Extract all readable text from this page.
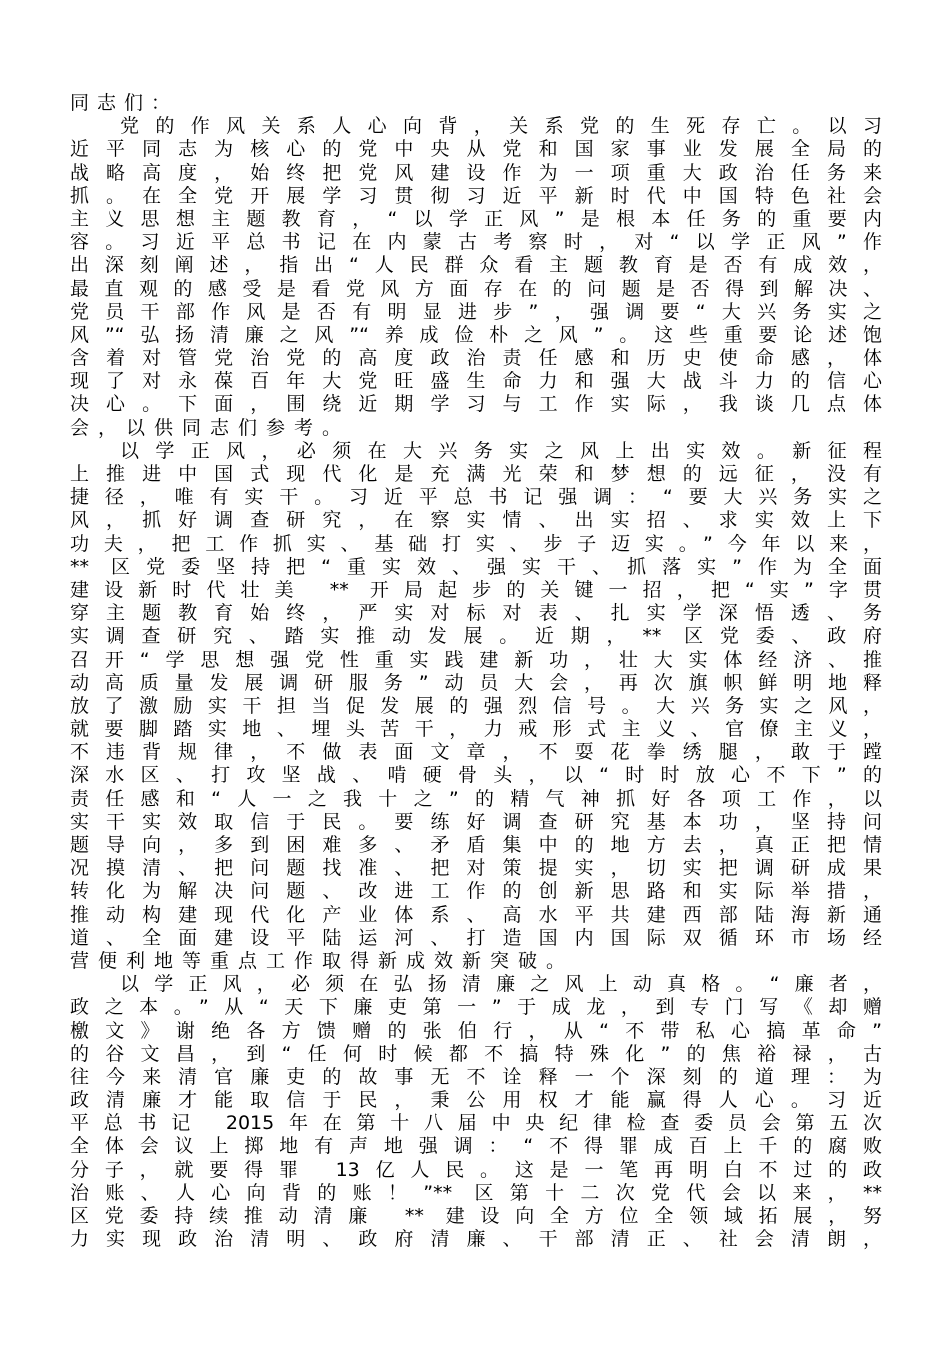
同志们：
党的作风关系人心向背，关系党的生死存亡。以习
近平同志为核心的党中央从党和国家事业发展全局的
战略高度，始终把党风建设作为一项重大政治任务来
抓。在全党开展学习贯彻习近平新时代中国特色社会
主义思想主题教育，“以学正风”是根本任务的重要内
容。习近平总书记在内蒙古考察时，对“以学正风”作
出深刻阐述，指出“人民群众看主题教育是否有成效，
最直观的感受是看党风方面存在的问题是否得到解决、
党员干部作风是否有明显进步”，强调要“大兴务实之
风”“弘扬清廉之风”“养成俭朴之风”。这些重要论述饱
含着对管党治党的高度政治责任感和历史使命感，体
现了对永葆百年大党旺盛生命力和强大战斗力的信心
决心。下面，围绕近期学习与工作实际，我谈几点体
会，以供同志们参考。
以学正风，必须在大兴务实之风上出实效。新征程
上推进中国式现代化是充满光荣和梦想的远征，没有
捷径，唯有实干。习近平总书记强调：“要大兴务实之
风，抓好调查研究，在察实情、出实招、求实效上下
功夫，把工作抓实、基础打实、步子迈实。”今年以来，
** 区党委坚持把“重实效、强实干、抓落实”作为全面
建设新时代壮美 ** 开局起步的关键一招，把“实”字贯
穿主题教育始终，严实对标对表、扎实学深悟透、务
实调查研究、踏实推动发展。近期，** 区党委、政府
召开“学思想强党性重实践建新功，壮大实体经济、推
动高质量发展调研服务”动员大会，再次旗帜鲜明地释
放了激励实干担当促发展的强烈信号。大兴务实之风，
就要脚踏实地、埋头苦干，力戒形式主义、官僚主义，
不违背规律，不做表面文章，不耍花拳绣腿，敢于蹚
深水区、打攻坚战、啃硬骨头，以“时时放心不下”的
责任感和“人一之我十之”的精气神抓好各项工作，以
实干实效取信于民。要练好调查研究基本功，坚持问
题导向，多到困难多、矛盾集中的地方去，真正把情
况摸清、把问题找准、把对策提实，切实把调研成果
转化为解决问题、改进工作的创新思路和实际举措，
推动构建现代化产业体系、高水平共建西部陆海新通
道、全面建设平陆运河、打造国内国际双循环市场经
营便利地等重点工作取得新成效新突破。
以学正风，必须在弘扬清廉之风上动真格。“廉者，
政之本。”从“天下廉吏第一”于成龙，到专门写《却赠
檄文》谢绝各方馈赠的张伯行，从“不带私心搞革命”
的谷文昌，到“任何时候都不搞特殊化”的焦裕禄，古
往今来清官廉吏的故事无不诠释一个深刻的道理：为
政清廉才能取信于民，秉公用权才能赢得人心。习近
平总书记 2015年在第十八届中央纪律检查委员会第五次
全体会议上掷地有声地强调：“不得罪成百上千的腐败
分子，就要得罪 13亿人民。这是一笔再明白不过的政
治账、人心向背的账！”** 区第十二次党代会以来，**
区党委持续推动清廉 ** 建设向全方位全领域拓展，努
力实现政治清明、政府清廉、干部清正、社会清朗，
